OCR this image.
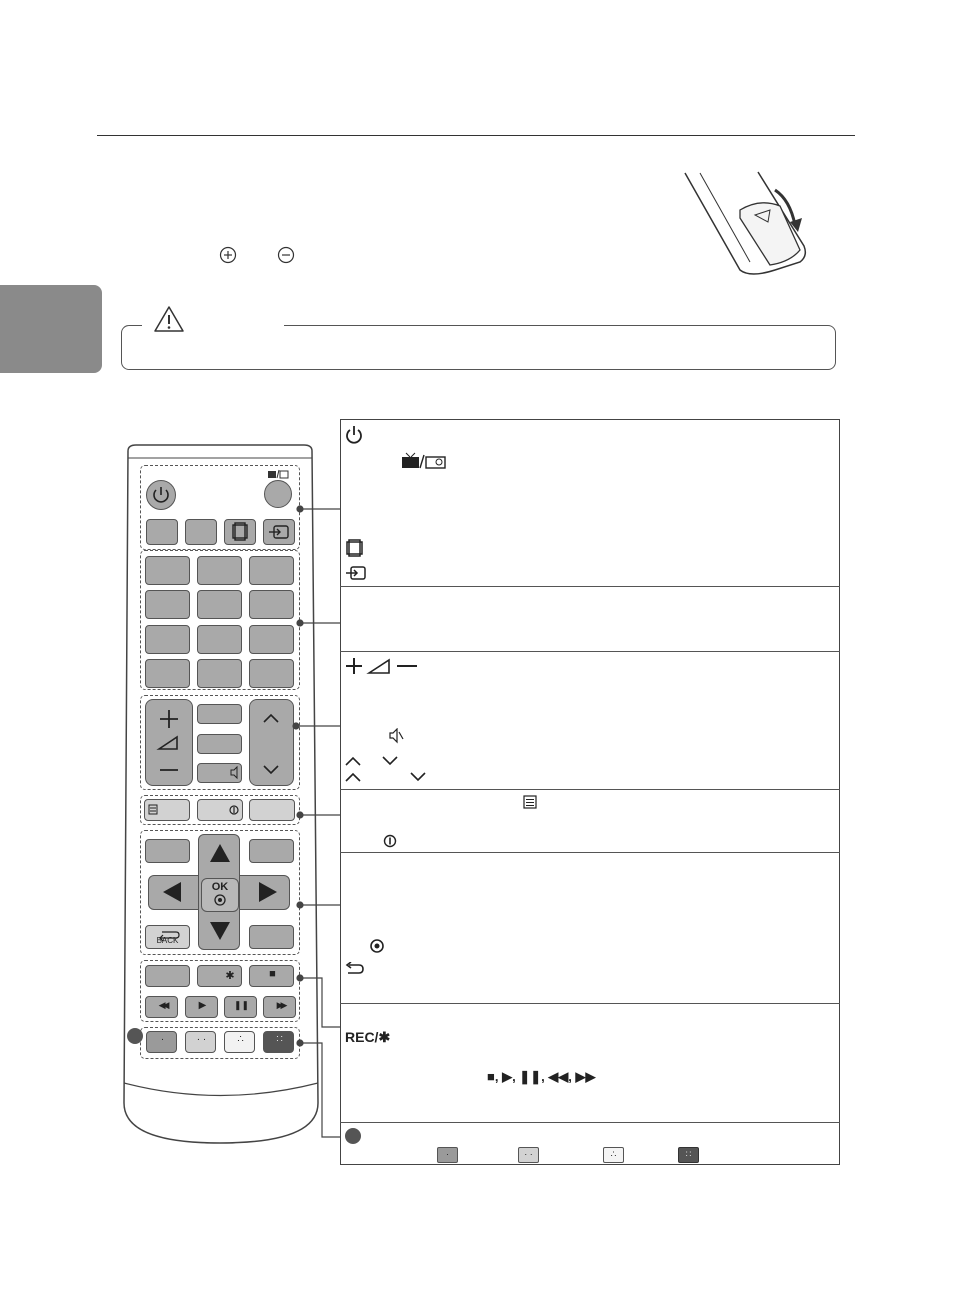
BACK
OK
✱	■
◀◀	▶	❚❚	▶▶
·	· ·	∴	∷	REC/✱
■, ▶, ❚❚, ◀◀, ▶▶
·	· ·	∴	∷
